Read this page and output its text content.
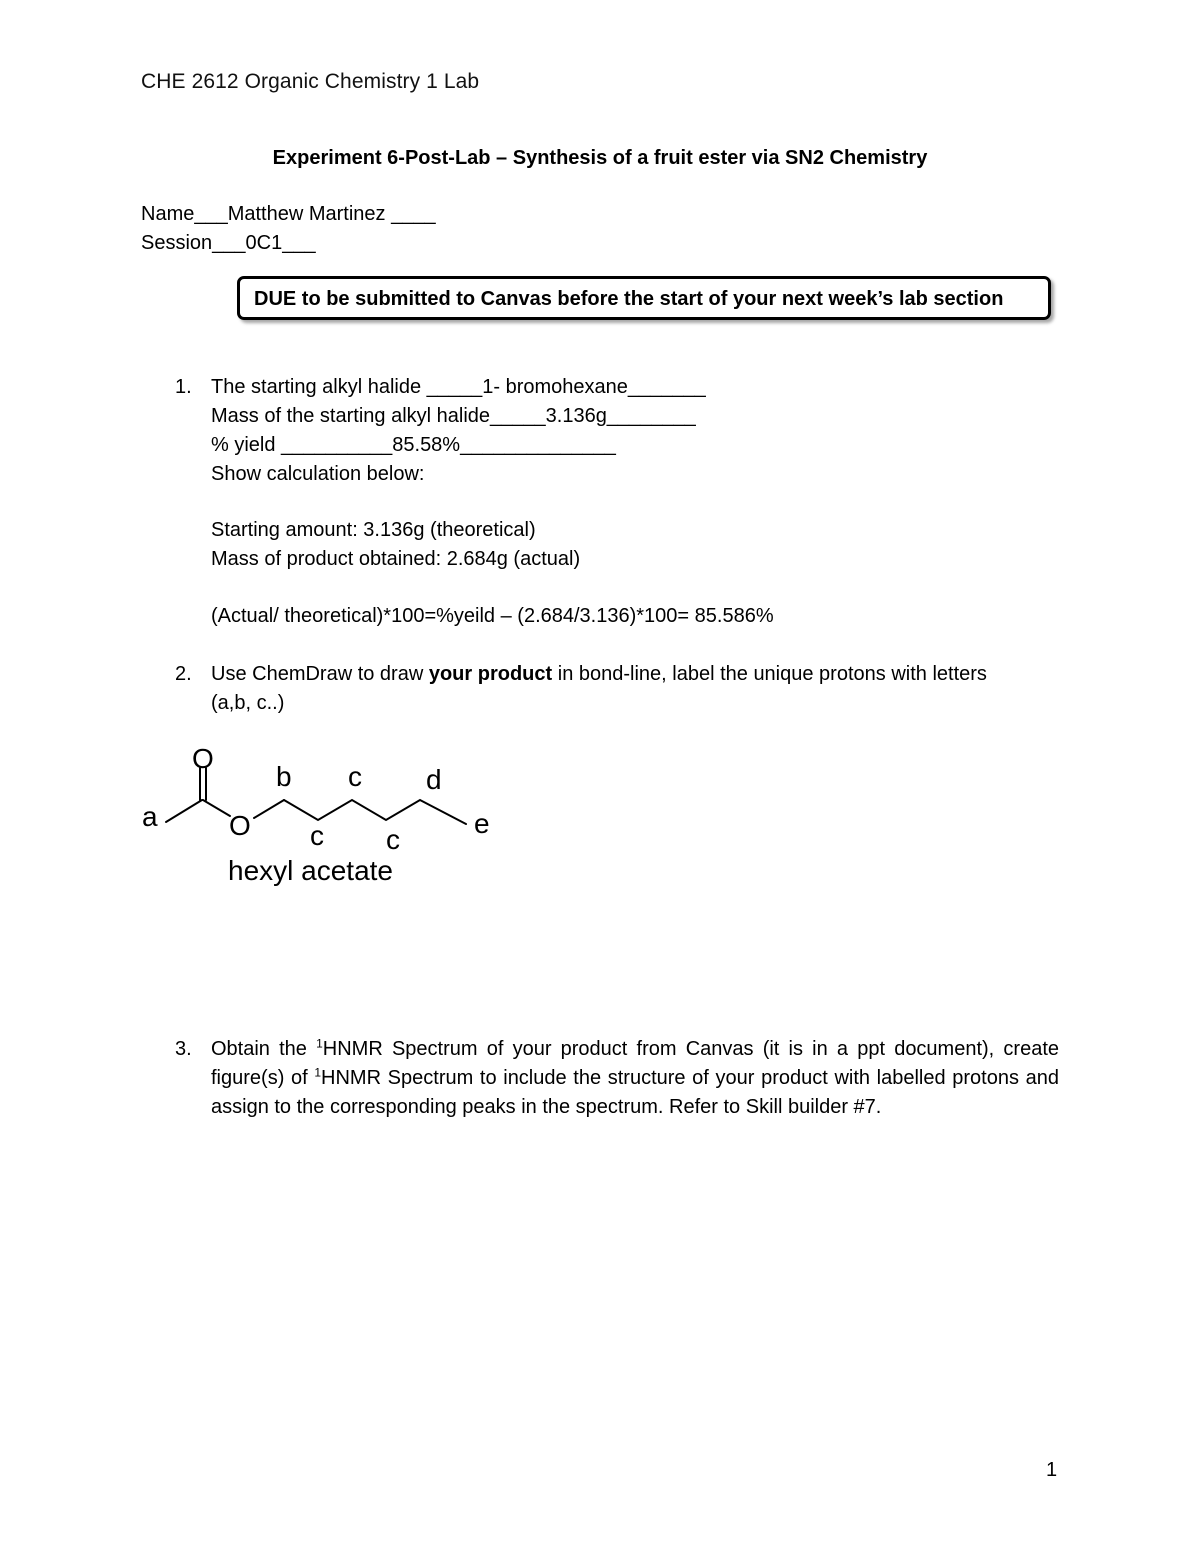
CHE 2612 Organic Chemistry 1 Lab
Experiment 6-Post-Lab – Synthesis of a fruit ester via SN2 Chemistry
Name___Matthew Martinez ____
Session___0C1___
DUE to be submitted to Canvas before the start of your next week’s lab section
1. The starting alkyl halide _____1- bromohexane_______
Mass of the starting alkyl halide_____3.136g________
% yield __________85.58%______________
Show calculation below:
Starting amount: 3.136g (theoretical)
Mass of product obtained: 2.684g (actual)
(Actual/ theoretical)*100=%yeild – (2.684/3.136)*100= 85.586%
2. Use ChemDraw to draw your product in bond-line, label the unique protons with letters
(a,b, c..)
O
O
a
b
c
c
c
d
e
hexyl acetate
3. Obtain the $^1$HNMR Spectrum of your product from Canvas (it is in a ppt document), create figure(s) of $^1$HNMR Spectrum to include the structure of your product with labelled protons and assign to the corresponding peaks in the spectrum. Refer to Skill builder #7.
1
